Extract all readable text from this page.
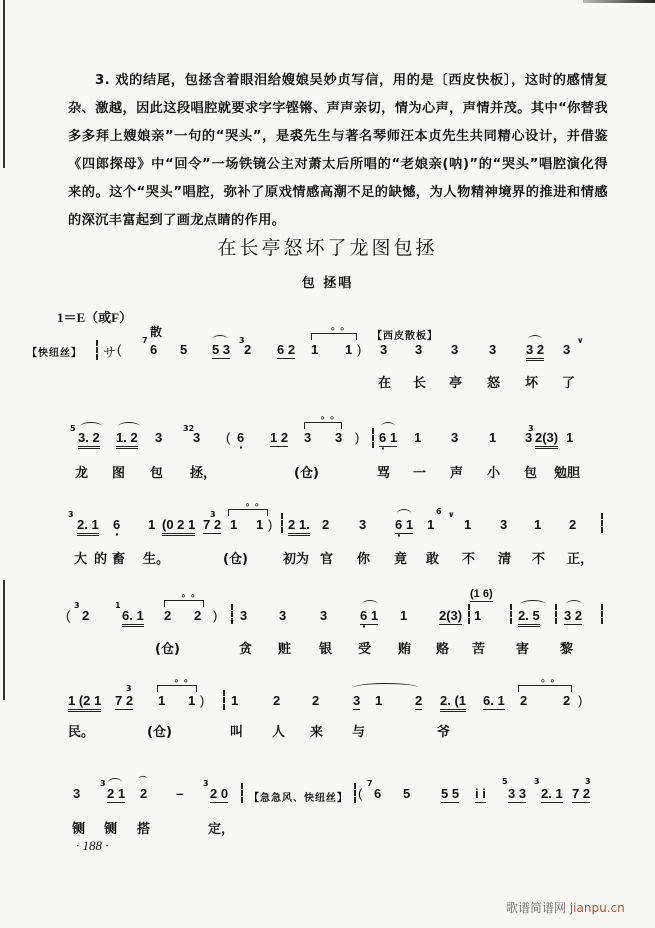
3. 戏的结尾，包拯含着眼泪给嫂娘吴妙贞写信，用的是〔西皮快板〕，这时的感情复杂、激越，因此这段唱腔就要求字字铿锵、声声亲切，情为心声，声情并茂。其中“你替我多多拜上嫂娘亲”一句的“哭头”，是裘先生与著名琴师汪本贞先生共同精心设计，并借鉴《四郎探母》中“回令”一场铁镜公主对萧太后所唱的“老娘亲(呐)”的“哭头”唱腔演化得来的。这个“哭头”唱腔，弥补了原戏情感高潮不足的缺憾，为人物精神境界的推进和情感的深沉丰富起到了画龙点睛的作用。

在长亭怒坏了龙图包拯
包 拯唱
1＝E（或F）
散
【快纽丝】 サ (
7
6 5 5 3
3
2 6 2
∘ ∘ 1 1 )
【西皮散板】
3 3 3 3 3 2 3
∨
在 长 亭 怒 坏 了
5
3. 2 1. 2 3
32
3 ( 6 · 1 2
∘ ∘ 3 3 ) 6 1 · 1 3 1 3
3
2(3) 1
龙 图 包 拯，	(仓)	骂 一 声 小 包 勉 胆
3
2. 1 6 · 1 (0 2 1
3
7 2
∘ ∘ 1 1 ) 2 1. 2 3 6 1 · 1
6 ∨
1 3 1 2
大 的 畜 生。	(仓)	初为 官 你 竟 敢 不 清 不 正，
(
3
2
1
6. 1
∘ ∘ 2 2 ) 3 3	3	6 1 · 1 2(3)
(1 6)
1	2. 5 3 2
(仓)	贪 赃 银 受 贿 赂 苦 害 黎
1 (2 1
3
7 2
∘ ∘ 1 1 ) 1	2 2	3 1	2 2. (1 6. 1
∘ ∘ 2	2 )
民。	(仓)	叫 人 来 与	爷
3
3
2 1
⌒
2 –
3
2 0 【急急风、快纽丝】 (
7
6 5 5 5 i i
5
3 3
3
2. 1
3
7 2
铡 铡 搭	定，
· 188 ·
歌谱简谱网 jianpu.cn
